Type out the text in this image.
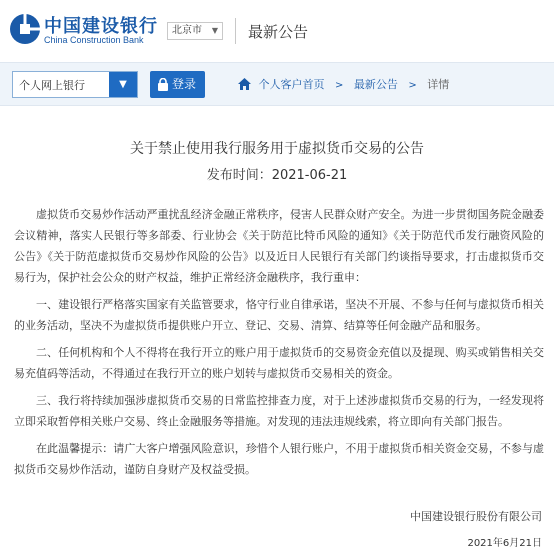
中国建设银行
China Construction Bank
北京市 ▼ 最新公告
个人网上银行	▼	登录	个人客户首页 > 最新公告 > 详情
关于禁止使用我行服务用于虚拟货币交易的公告
发布时间：2021-06-21

虚拟货币交易炒作活动严重扰乱经济金融正常秩序，侵害人民群众财产安全。为进一步贯彻国务院金融委会议精神，落实人民银行等多部委、行业协会《关于防范比特币风险的通知》《关于防范代币发行融资风险的公告》《关于防范虚拟货币交易炒作风险的公告》以及近日人民银行有关部门约谈指导要求，打击虚拟货币交易行为，保护社会公众的财产权益，维护正常经济金融秩序，我行重申：

一、建设银行严格落实国家有关监管要求，恪守行业自律承诺，坚决不开展、不参与任何与虚拟货币相关的业务活动，坚决不为虚拟货币提供账户开立、登记、交易、清算、结算等任何金融产品和服务。

二、任何机构和个人不得将在我行开立的账户用于虚拟货币的交易资金充值以及提现、购买或销售相关交易充值码等活动，不得通过在我行开立的账户划转与虚拟货币交易相关的资金。

三、我行将持续加强涉虚拟货币交易的日常监控排查力度，对于上述涉虚拟货币交易的行为，一经发现将立即采取暂停相关账户交易、终止金融服务等措施。对发现的违法违规线索，将立即向有关部门报告。

在此温馨提示：请广大客户增强风险意识，珍惜个人银行账户，不用于虚拟货币相关资金交易，不参与虚拟货币交易炒作活动，谨防自身财产及权益受损。

中国建设银行股份有限公司
2021年6月21日
